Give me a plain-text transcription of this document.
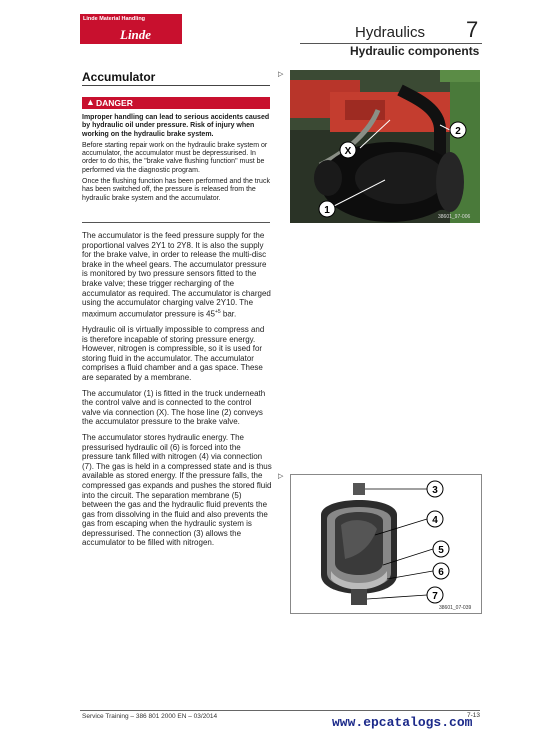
Linde Material Handling
Linde	Hydraulics 7
Hydraulic components
Accumulator	▷
▷
▲ DANGER
Improper handling can lead to serious accidents caused by hydraulic oil under pressure. Risk of injury when working on the hydraulic brake system.
Before starting repair work on the hydraulic brake system or accumulator, the accumulator must be depressurised. In order to do this, the "brake valve flushing function" must be performed via the diagnostic program.
Once the flushing function has been performed and the truck has been switched off, the pressure is released from the hydraulic brake system and the accumulator.

The accumulator is the feed pressure supply for the proportional valves 2Y1 to 2Y8. It is also the supply for the brake valve, in order to release the multi-disc brake in the wheel gears. The accumulator pressure is monitored by two pressure sensors fitted to the brake valve; these trigger recharging of the accumulator as required. The accumulator is charged using the accumulator charging valve 2Y10. The maximum accumulator pressure is $45^{+5}$ bar.

Hydraulic oil is virtually impossible to compress and is therefore incapable of storing pressure energy. However, nitrogen is compressible, so it is used for storing fluid in the accumulator. The accumulator comprises a fluid chamber and a gas space. These are separated by a membrane.

The accumulator (1) is fitted in the truck underneath the control valve and is connected to the control valve via connection (X). The hose line (2) conveys the accumulator pressure to the brake valve.

The accumulator stores hydraulic energy. The pressurised hydraulic oil (6) is forced into the pressure tank filled with nitrogen (4) via connection (7). The gas is held in a compressed state and is thus available as stored energy. If the pressure falls, the compressed gas expands and pushes the stored fluid into the circuit. The separation membrane (5) between the gas and the hydraulic fluid prevents the gas from dissolving in the fluid and also prevents the gas from escaping when the hydraulic system is depressurised. The connection (3) allows the accumulator to be filled with nitrogen.

X
1
2
38601_97-006
3
4
5
6
7
38601_07-039
Service Training – 386 801 2000 EN – 03/2014	7-13
www.epcatalogs.com
